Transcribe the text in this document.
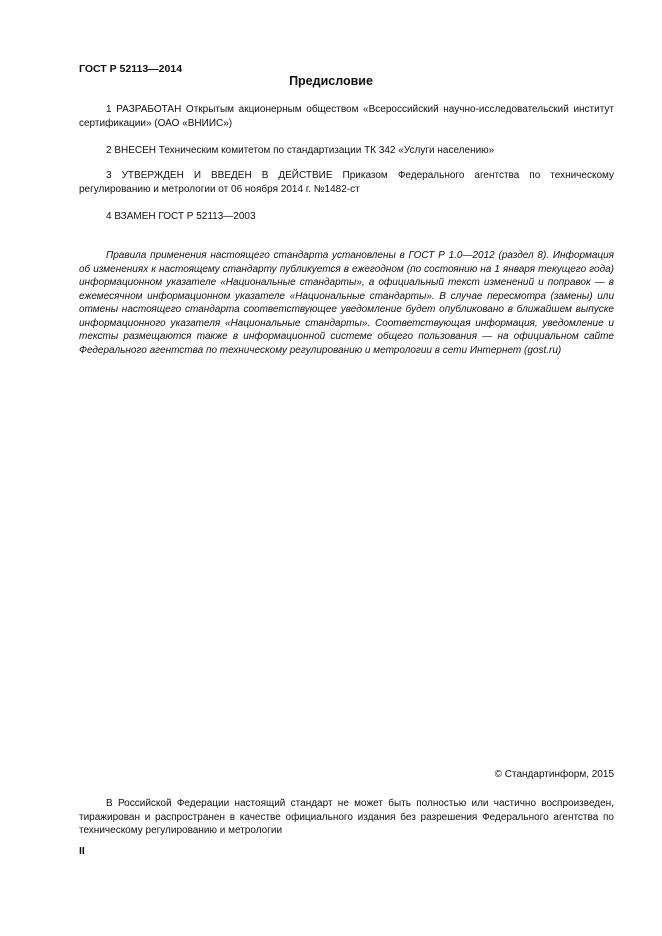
ГОСТ Р 52113—2014
Предисловие

1 РАЗРАБОТАН Открытым акционерным обществом «Всероссийский научно-исследовательский институт сертификации» (ОАО «ВНИИС»)

2 ВНЕСЕН Техническим комитетом по стандартизации ТК 342 «Услуги населению»

3 УТВЕРЖДЕН И ВВЕДЕН В ДЕЙСТВИЕ Приказом Федерального агентства по техническому регулированию и метрологии от 06 ноября 2014 г. №1482-ст

4 ВЗАМЕН ГОСТ Р 52113—2003

Правила применения настоящего стандарта установлены в ГОСТ Р 1.0—2012 (раздел 8). Информация об изменениях к настоящему стандарту публикуется в ежегодном (по состоянию на 1 января текущего года) информационном указателе «Национальные стандарты», а официальный текст изменений и поправок — в ежемесячном информационном указателе «Национальные стандарты». В случае пересмотра (замены) или отмены настоящего стандарта соответствующее уведомление будет опубликовано в ближайшем выпуске информационного указателя «Национальные стандарты». Соответствующая информация, уведомление и тексты размещаются также в информационной системе общего пользования — на официальном сайте Федерального агентства по техническому регулированию и метрологии в сети Интернет (gost.ru)

© Стандартинформ, 2015

В Российской Федерации настоящий стандарт не может быть полностью или частично воспроизведен, тиражирован и распространен в качестве официального издания без разрешения Федерального агентства по техническому регулированию и метрологии

II
